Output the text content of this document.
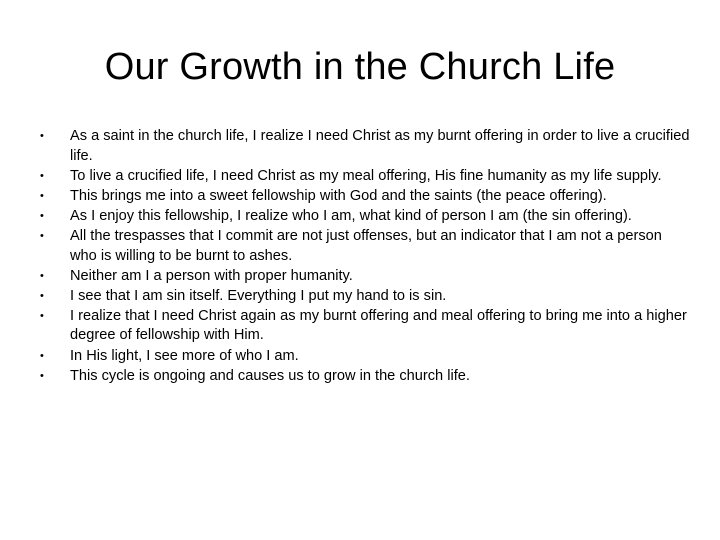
Our Growth in the Church Life
•	As a saint in the church life, I realize I need Christ as my burnt offering in order to live a crucified life.
•	To live a crucified life, I need Christ as my meal offering, His fine humanity as my life supply.
•	This brings me into a sweet fellowship with God and the saints (the peace offering).
•	As I enjoy this fellowship, I realize who I am, what kind of person I am (the sin offering).
•	All the trespasses that I commit are not just offenses, but an indicator that I am not a person who is willing to be burnt to ashes.
•	Neither am I a person with proper humanity.
•	I see that I am sin itself. Everything I put my hand to is sin.
•	I realize that I need Christ again as my burnt offering and meal offering to bring me into a higher degree of fellowship with Him.
•	In His light, I see more of who I am.
•	This cycle is ongoing and causes us to grow in the church life.
